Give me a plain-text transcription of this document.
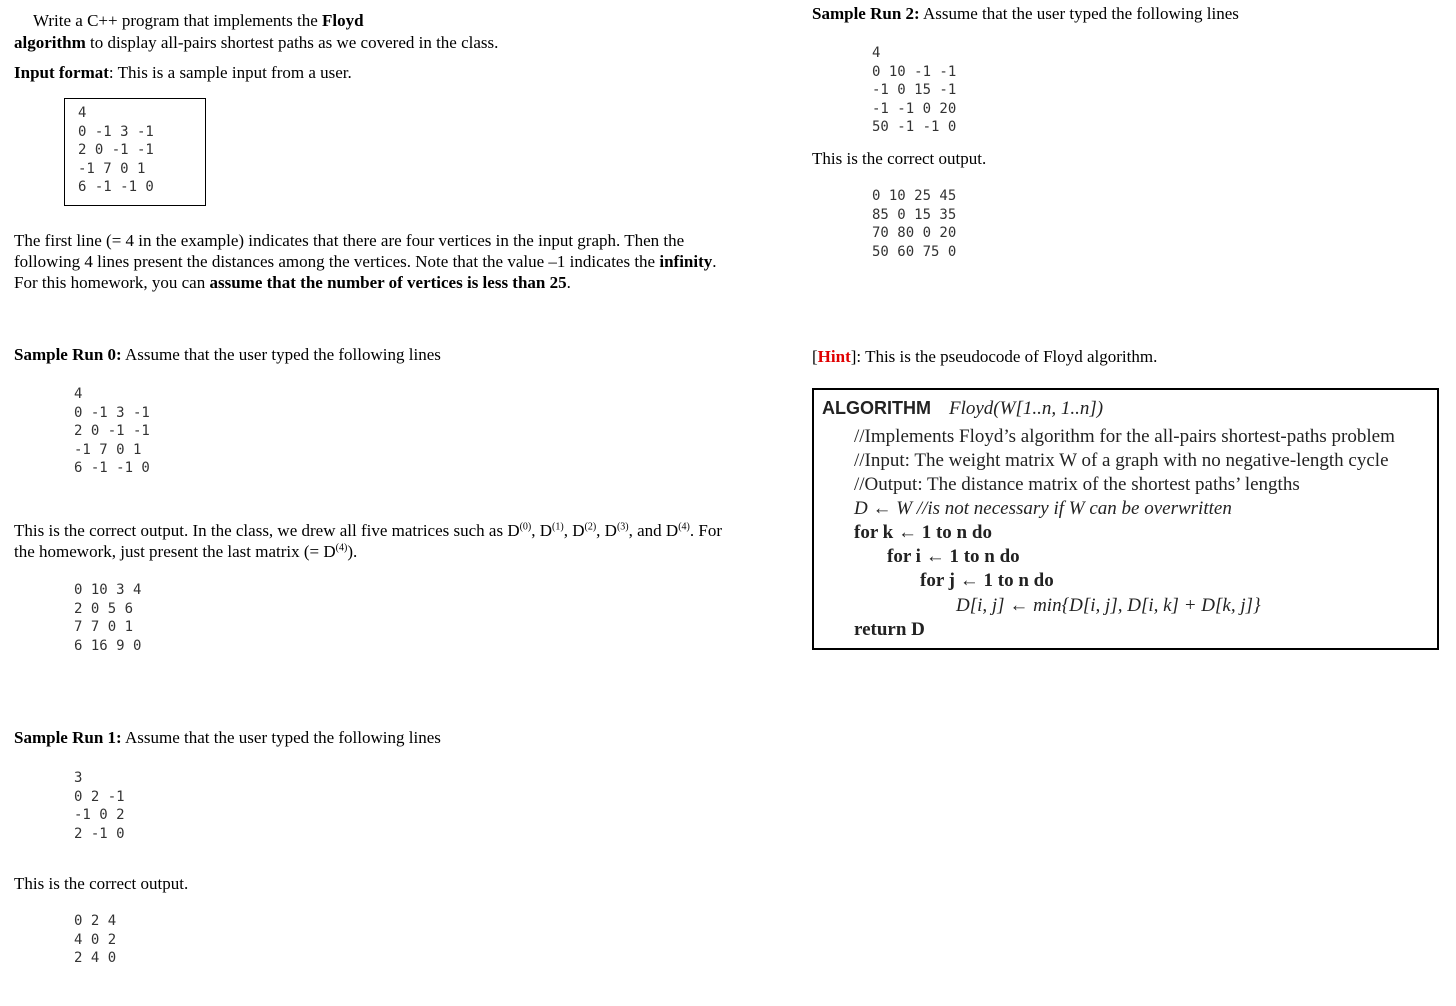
Write a C++ program that implements the Floyd
algorithm to display all-pairs shortest paths as we covered in the class.
Input format: This is a sample input from a user.
4
0 -1 3 -1
2 0 -1 -1
-1 7 0 1
6 -1 -1 0
The first line (= 4 in the example) indicates that there are four vertices in the input graph. Then the
following 4 lines present the distances among the vertices. Note that the value –1 indicates the infinity.
For this homework, you can assume that the number of vertices is less than 25.
Sample Run 0: Assume that the user typed the following lines
4
0 -1 3 -1
2 0 -1 -1
-1 7 0 1
6 -1 -1 0
This is the correct output. In the class, we drew all five matrices such as $D^{(0)}$, $D^{(1)}$, $D^{(2)}$, $D^{(3)}$, and $D^{(4)}$. For
the homework, just present the last matrix (= $D^{(4)}$).
0 10 3 4
2 0 5 6
7 7 0 1
6 16 9 0
Sample Run 1: Assume that the user typed the following lines
3
0 2 -1
-1 0 2
2 -1 0
This is the correct output.
0 2 4
4 0 2
2 4 0
Sample Run 2: Assume that the user typed the following lines
4
0 10 -1 -1
-1 0 15 -1
-1 -1 0 20
50 -1 -1 0
This is the correct output.
0 10 25 45
85 0 15 35
70 80 0 20
50 60 75 0
[Hint]: This is the pseudocode of Floyd algorithm.
ALGORITHM Floyd(W[1..n, 1..n])
//Implements Floyd’s algorithm for the all-pairs shortest-paths problem
//Input: The weight matrix W of a graph with no negative-length cycle
//Output: The distance matrix of the shortest paths’ lengths
D ← W //is not necessary if W can be overwritten
for k ← 1 to n do
for i ← 1 to n do
for j ← 1 to n do
D[i, j] ← min{D[i, j], D[i, k] + D[k, j]}
return D
